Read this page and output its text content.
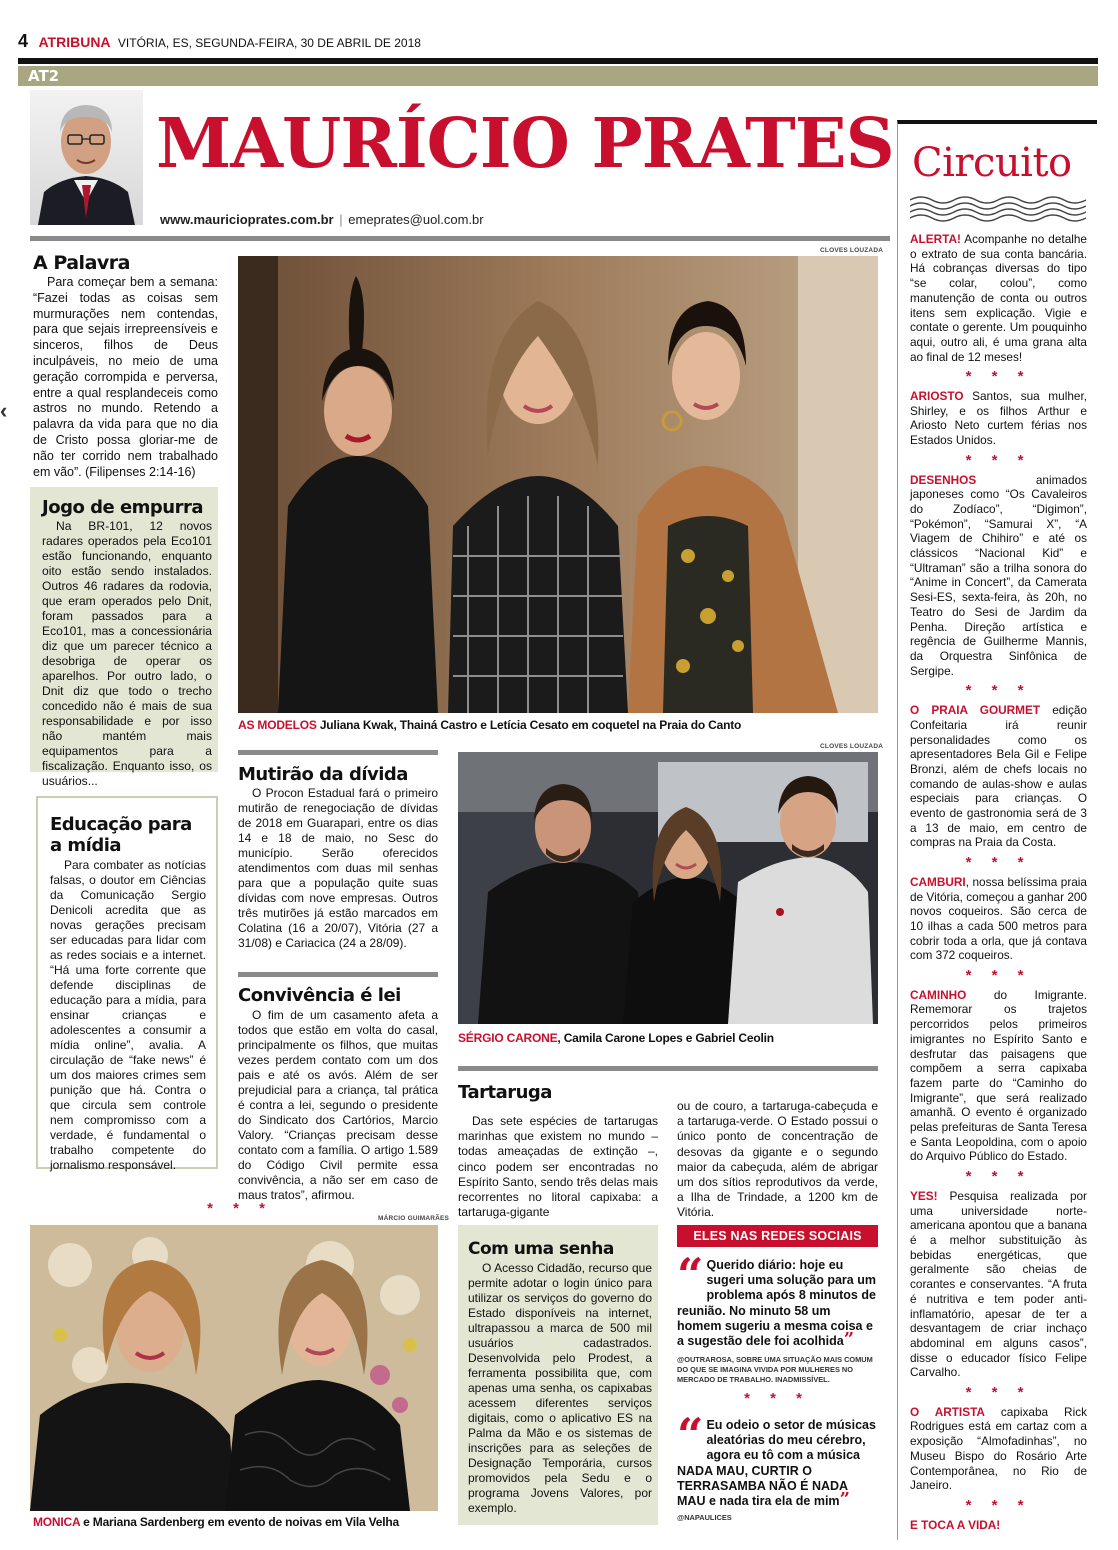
4 ATRIBUNA VITÓRIA, ES, SEGUNDA-FEIRA, 30 DE ABRIL DE 2018
AT2
MAURÍCIO PRATES
www.mauricioprates.com.br | emeprates@uol.com.br
A Palavra

Para começar bem a semana: “Fazei todas as coisas sem murmurações nem contendas, para que sejais irrepreensíveis e sinceros, filhos de Deus inculpáveis, no meio de uma geração corrompida e perversa, entre a qual resplandeceis como astros no mundo. Retendo a palavra da vida para que no dia de Cristo possa gloriar-me de não ter corrido nem trabalhado em vão”. (Filipenses 2:14-16)

Jogo de empurra

Na BR-101, 12 novos radares operados pela Eco101 estão funcionando, enquanto oito estão sendo instalados. Outros 46 radares da rodovia, que eram operados pelo Dnit, foram passados para a Eco101, mas a concessionária diz que um parecer técnico a desobriga de operar os aparelhos. Por outro lado, o Dnit diz que todo o trecho concedido não é mais de sua responsabilidade e por isso não mantém mais equipamentos para a fiscalização. Enquanto isso, os usuários...

Educação para
a mídia

Para combater as notícias falsas, o doutor em Ciências da Comunicação Sergio Denicoli acredita que as novas gerações precisam ser educadas para lidar com as redes sociais e a internet. “Há uma forte corrente que defende disciplinas de educação para a mídia, para ensinar crianças e adolescentes a consumir a mídia online”, avalia. A circulação de “fake news” é um dos maiores crimes sem punição que há. Contra o que circula sem controle nem compromisso com a verdade, é fundamental o trabalho competente do jornalismo responsável.

CLOVES LOUZADA
AS MODELOS Juliana Kwak, Thainá Castro e Letícia Cesato em coquetel na Praia do Canto
Mutirão da dívida

O Procon Estadual fará o primeiro mutirão de renegociação de dívidas de 2018 em Guarapari, entre os dias 14 e 18 de maio, no Sesc do município. Serão oferecidos atendimentos com duas mil senhas para que a população quite suas dívidas com nove empresas. Outros três mutirões já estão marcados em Colatina (16 a 20/07), Vitória (27 a 31/08) e Cariacica (24 a 28/09).

Convivência é lei

O fim de um casamento afeta a todos que estão em volta do casal, principalmente os filhos, que muitas vezes perdem contato com um dos pais e até os avós. Além de ser prejudicial para a criança, tal prática é contra a lei, segundo o presidente do Sindicato dos Cartórios, Marcio Valory. “Crianças precisam desse contato com a família. O artigo 1.589 do Código Civil permite essa convivência, a não ser em caso de maus tratos”, afirmou.

* * *
CLOVES LOUZADA
SÉRGIO CARONE, Camila Carone Lopes e Gabriel Ceolin
Tartaruga

Das sete espécies de tartarugas marinhas que existem no mundo – todas ameaçadas de extinção –, cinco podem ser encontradas no Espírito Santo, sendo três delas mais recorrentes no litoral capixaba: a tartaruga-gigante

ou de couro, a tartaruga-cabeçuda e a tartaruga-verde. O Estado possui o único ponto de concentração de desovas da gigante e o segundo maior da cabeçuda, além de abrigar um dos sítios reprodutivos da verde, a Ilha de Trindade, a 1200 km de Vitória.

MÁRCIO GUIMARÃES
MONICA e Mariana Sardenberg em evento de noivas em Vila Velha
Com uma senha

O Acesso Cidadão, recurso que permite adotar o login único para utilizar os serviços do governo do Estado disponíveis na internet, ultrapassou a marca de 500 mil usuários cadastrados. Desenvolvida pelo Prodest, a ferramenta possibilita que, com apenas uma senha, os capixabas acessem diferentes serviços digitais, como o aplicativo ES na Palma da Mão e os sistemas de inscrições para as seleções de Designação Temporária, cursos promovidos pela Sedu e o programa Jovens Valores, por exemplo.

ELES NAS REDES SOCIAIS
“ Querido diário: hoje eu sugeri uma solução para um problema após 8 minutos de reunião. No minuto 58 um homem sugeriu a mesma coisa e a sugestão dele foi acolhida”
@OUTRAROSA, SOBRE UMA SITUAÇÃO MAIS COMUM DO QUE SE IMAGINA VIVIDA POR MULHERES NO MERCADO DE TRABALHO. INADMISSÍVEL.
* * *
“ Eu odeio o setor de músicas aleatórias do meu cérebro, agora eu tô com a música NADA MAU, CURTIR O TERRASAMBA NÃO É NADA MAU e nada tira ela de mim”
@NAPAULICES
Circuito

ALERTA! Acompanhe no detalhe o extrato de sua conta bancária. Há cobranças diversas do tipo “se colar, colou”, como manutenção de conta ou outros itens sem explicação. Vigie e contate o gerente. Um pouquinho aqui, outro ali, é uma grana alta ao final de 12 meses!

* * *

ARIOSTO Santos, sua mulher, Shirley, e os filhos Arthur e Ariosto Neto curtem férias nos Estados Unidos.

* * *

DESENHOS animados japoneses como “Os Cavaleiros do Zodíaco”, “Digimon”, “Pokémon”, “Samurai X”, “A Viagem de Chihiro” e até os clássicos “Nacional Kid” e “Ultraman” são a trilha sonora do “Anime in Concert”, da Camerata Sesi-ES, sexta-feira, às 20h, no Teatro do Sesi de Jardim da Penha. Direção artística e regência de Guilherme Mannis, da Orquestra Sinfônica de Sergipe.

* * *

O PRAIA GOURMET edição Confeitaria irá reunir personalidades como os apresentadores Bela Gil e Felipe Bronzi, além de chefs locais no comando de aulas-show e aulas especiais para crianças. O evento de gastronomia será de 3 a 13 de maio, em centro de compras na Praia da Costa.

* * *

CAMBURI, nossa belíssima praia de Vitória, começou a ganhar 200 novos coqueiros. São cerca de 10 ilhas a cada 500 metros para cobrir toda a orla, que já contava com 372 coqueiros.

* * *

CAMINHO do Imigrante. Rememorar os trajetos percorridos pelos primeiros imigrantes no Espírito Santo e desfrutar das paisagens que compõem a serra capixaba fazem parte do “Caminho do Imigrante”, que será realizado amanhã. O evento é organizado pelas prefeituras de Santa Teresa e Santa Leopoldina, com o apoio do Arquivo Público do Estado.

* * *

YES! Pesquisa realizada por uma universidade norte-americana apontou que a banana é a melhor substituição às bebidas energéticas, que geralmente são cheias de corantes e conservantes. “A fruta é nutritiva e tem poder anti-inflamatório, apesar de ter a desvantagem de criar inchaço abdominal em alguns casos”, disse o educador físico Felipe Carvalho.

* * *

O ARTISTA capixaba Rick Rodrigues está em cartaz com a exposição “Almofadinhas”, no Museu Bispo do Rosário Arte Contemporânea, no Rio de Janeiro.

* * *

E TOCA A VIDA!

‹
